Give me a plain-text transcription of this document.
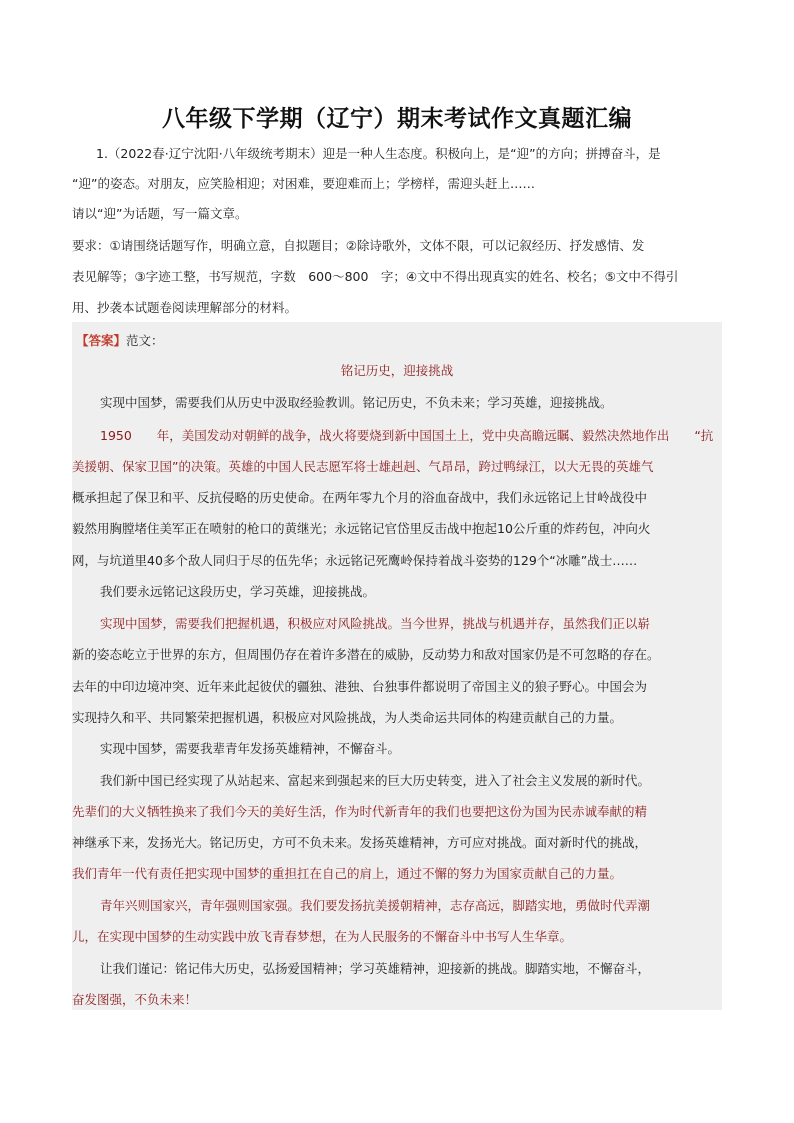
八年级下学期（辽宁）期末考试作文真题汇编
1.（2022春·辽宁沈阳·八年级统考期末）迎是一种人生态度。积极向上，是“迎”的方向；拼搏奋斗，是
“迎”的姿态。对朋友，应笑脸相迎；对困难，要迎难而上；学榜样，需迎头赶上……
请以“迎”为话题，写一篇文章。
要求：①请围绕话题写作，明确立意，自拟题目；②除诗歌外，文体不限，可以记叙经历、抒发感情、发
表见解等；③字迹工整，书写规范，字数　600～800　字；④文中不得出现真实的姓名、校名；⑤文中不得引
用、抄袭本试题卷阅读理解部分的材料。
【答案】范文：
铭记历史，迎接挑战
实现中国梦，需要我们从历史中汲取经验教训。铭记历史，不负未来；学习英雄，迎接挑战。
1950　　年，美国发动对朝鲜的战争，战火将要烧到新中国国土上，党中央高瞻远瞩、毅然决然地作出　　“抗
美援朝、保家卫国”的决策。英雄的中国人民志愿军将士雄赳赳、气昂昂，跨过鸭绿江，以大无畏的英雄气
概承担起了保卫和平、反抗侵略的历史使命。在两年零九个月的浴血奋战中，我们永远铭记上甘岭战役中
毅然用胸膛堵住美军正在喷射的枪口的黄继光；永远铭记官岱里反击战中抱起10公斤重的炸药包，冲向火
网，与坑道里40多个敌人同归于尽的伍先华；永远铭记死鹰岭保持着战斗姿势的129个“冰雕”战士……
我们要永远铭记这段历史，学习英雄，迎接挑战。
实现中国梦，需要我们把握机遇，积极应对风险挑战。当今世界，挑战与机遇并存，虽然我们正以崭
新的姿态屹立于世界的东方，但周围仍存在着许多潜在的威胁，反动势力和敌对国家仍是不可忽略的存在。
去年的中印边境冲突、近年来此起彼伏的疆独、港独、台独事件都说明了帝国主义的狼子野心。中国会为
实现持久和平、共同繁荣把握机遇，积极应对风险挑战，为人类命运共同体的构建贡献自己的力量。
实现中国梦，需要我辈青年发扬英雄精神，不懈奋斗。
我们新中国已经实现了从站起来、富起来到强起来的巨大历史转变，进入了社会主义发展的新时代。
先辈们的大义牺牲换来了我们今天的美好生活，作为时代新青年的我们也要把这份为国为民赤诚奉献的精
神继承下来，发扬光大。铭记历史，方可不负未来。发扬英雄精神，方可应对挑战。面对新时代的挑战，
我们青年一代有责任把实现中国梦的重担扛在自己的肩上，通过不懈的努力为国家贡献自己的力量。
青年兴则国家兴，青年强则国家强。我们要发扬抗美援朝精神，志存高远，脚踏实地，勇做时代弄潮
儿，在实现中国梦的生动实践中放飞青春梦想，在为人民服务的不懈奋斗中书写人生华章。
让我们谨记：铭记伟大历史，弘扬爱国精神；学习英雄精神，迎接新的挑战。脚踏实地，不懈奋斗，
奋发图强，不负未来！
